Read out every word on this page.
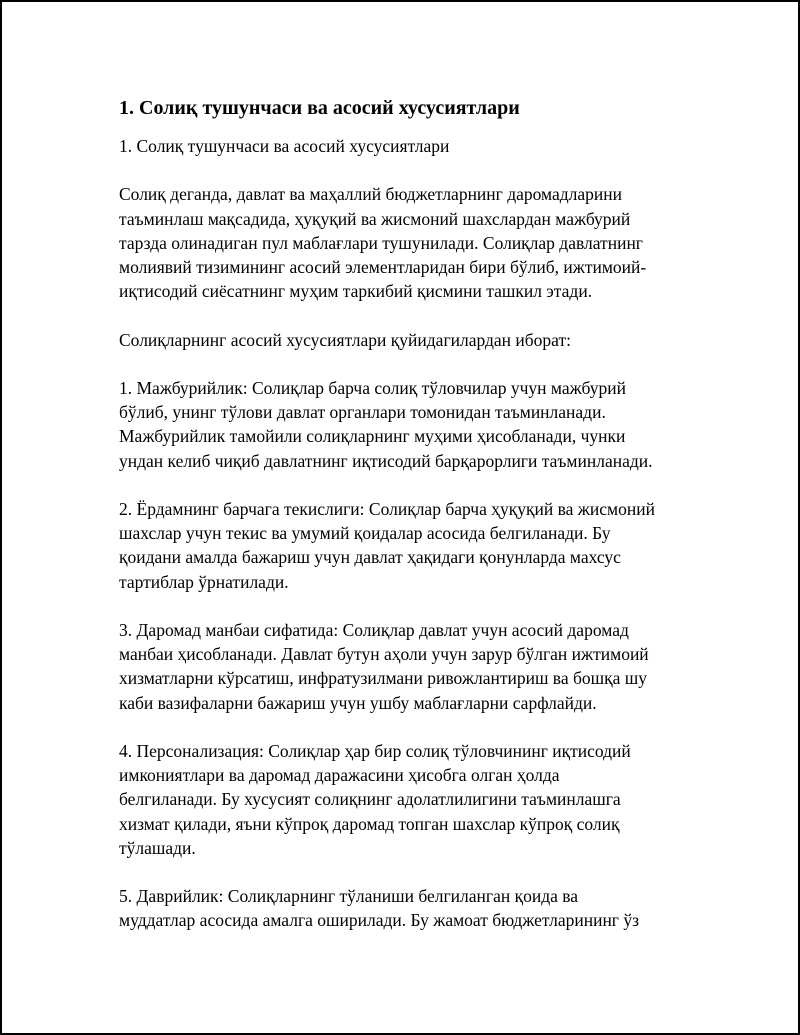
1. Солиқ тушунчаси ва асосий хусусиятлари

1. Солиқ тушунчаси ва асосий хусусиятлари

Солиқ деганда, давлат ва маҳаллий бюджетларнинг даромадларини

таъминлаш мақсадида, ҳуқуқий ва жисмоний шахслардан мажбурий

тарзда олинадиган пул маблағлари тушунилади. Солиқлар давлатнинг

молиявий тизимининг асосий элементларидан бири бўлиб, ижтимоий-

иқтисодий сиёсатнинг муҳим таркибий қисмини ташкил этади.

Солиқларнинг асосий хусусиятлари қуйидагилардан иборат:

1. Мажбурийлик: Солиқлар барча солиқ тўловчилар учун мажбурий

бўлиб, унинг тўлови давлат органлари томонидан таъминланади.

Мажбурийлик тамойили солиқларнинг муҳими ҳисобланади, чунки

ундан келиб чиқиб давлатнинг иқтисодий барқарорлиги таъминланади.

2. Ёрдамнинг барчага текислиги: Солиқлар барча ҳуқуқий ва жисмоний

шахслар учун текис ва умумий қоидалар асосида белгиланади. Бу

қоидани амалда бажариш учун давлат ҳақидаги қонунларда махсус

тартиблар ўрнатилади.

3. Даромад манбаи сифатида: Солиқлар давлат учун асосий даромад

манбаи ҳисобланади. Давлат бутун аҳоли учун зарур бўлган ижтимоий

хизматларни кўрсатиш, инфратузилмани ривожлантириш ва бошқа шу

каби вазифаларни бажариш учун ушбу маблағларни сарфлайди.

4. Персонализация: Солиқлар ҳар бир солиқ тўловчининг иқтисодий

имкониятлари ва даромад даражасини ҳисобга олган ҳолда

белгиланади. Бу хусусият солиқнинг адолатлилигини таъминлашга

хизмат қилади, яъни кўпроқ даромад топган шахслар кўпроқ солиқ

тўлашади.

5. Даврийлик: Солиқларнинг тўланиши белгиланган қоида ва

муддатлар асосида амалга оширилади. Бу жамоат бюджетларининг ўз
